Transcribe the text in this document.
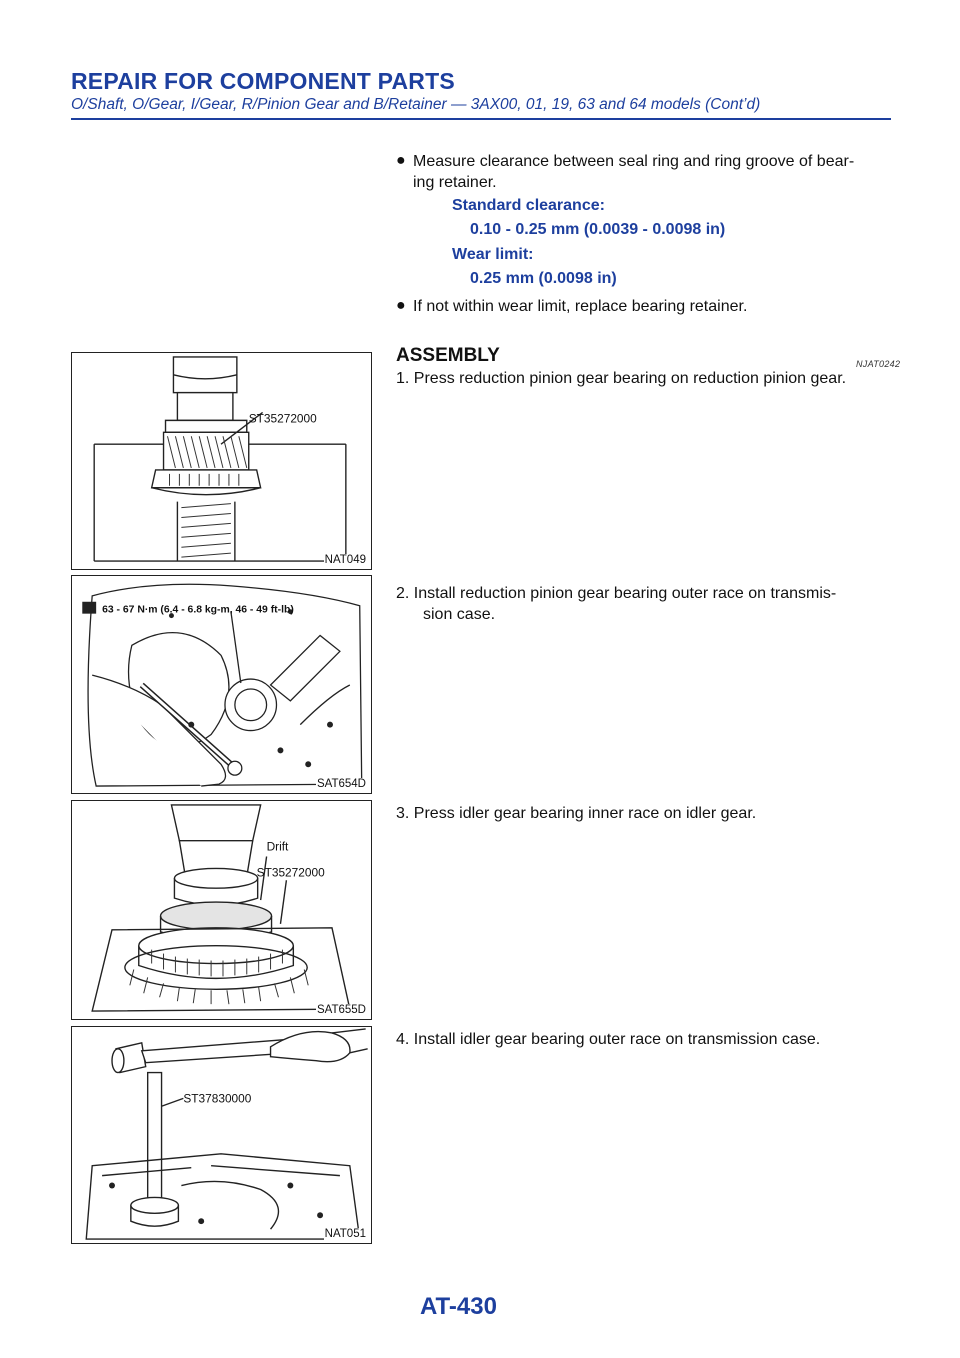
REPAIR FOR COMPONENT PARTS
O/Shaft, O/Gear, I/Gear, R/Pinion Gear and B/Retainer — 3AX00, 01, 19, 63 and 64 models (Cont’d)
● Measure clearance between seal ring and ring groove of bear-
ing retainer.
Standard clearance:
0.10 - 0.25 mm (0.0039 - 0.0098 in)
Wear limit:
0.25 mm (0.0098 in)
● If not within wear limit, replace bearing retainer.
ASSEMBLY	NJAT0242
1. Press reduction pinion gear bearing on reduction pinion gear.
2. Install reduction pinion gear bearing outer race on transmis-
sion case.
3. Press idler gear bearing inner race on idler gear.
4. Install idler gear bearing outer race on transmission case.
ST35272000
NAT049
63 - 67 N·m (6.4 - 6.8 kg-m, 46 - 49 ft-lb)
SAT654D
Drift
ST35272000
SAT655D
ST37830000
NAT051
AT-430
